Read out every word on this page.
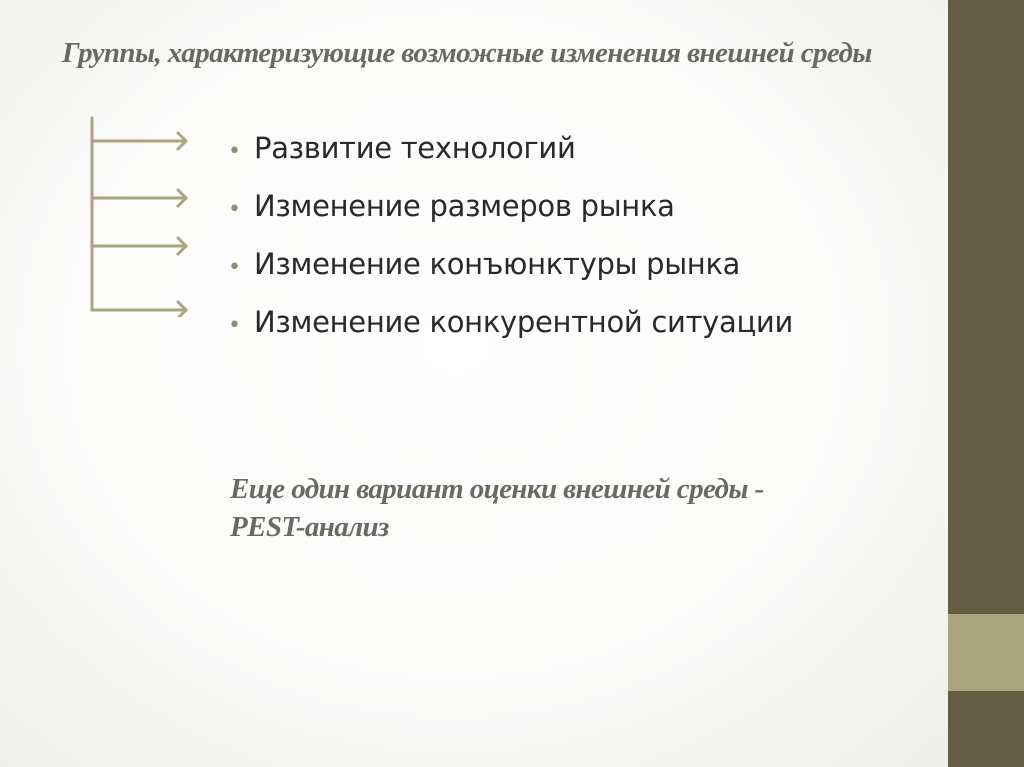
Группы, характеризующие возможные изменения внешней среды
• Развитие технологий
• Изменение размеров рынка
• Изменение конъюнктуры рынка
• Изменение конкурентной ситуации

Еще один вариант оценки внешней среды -
PEST-анализ
